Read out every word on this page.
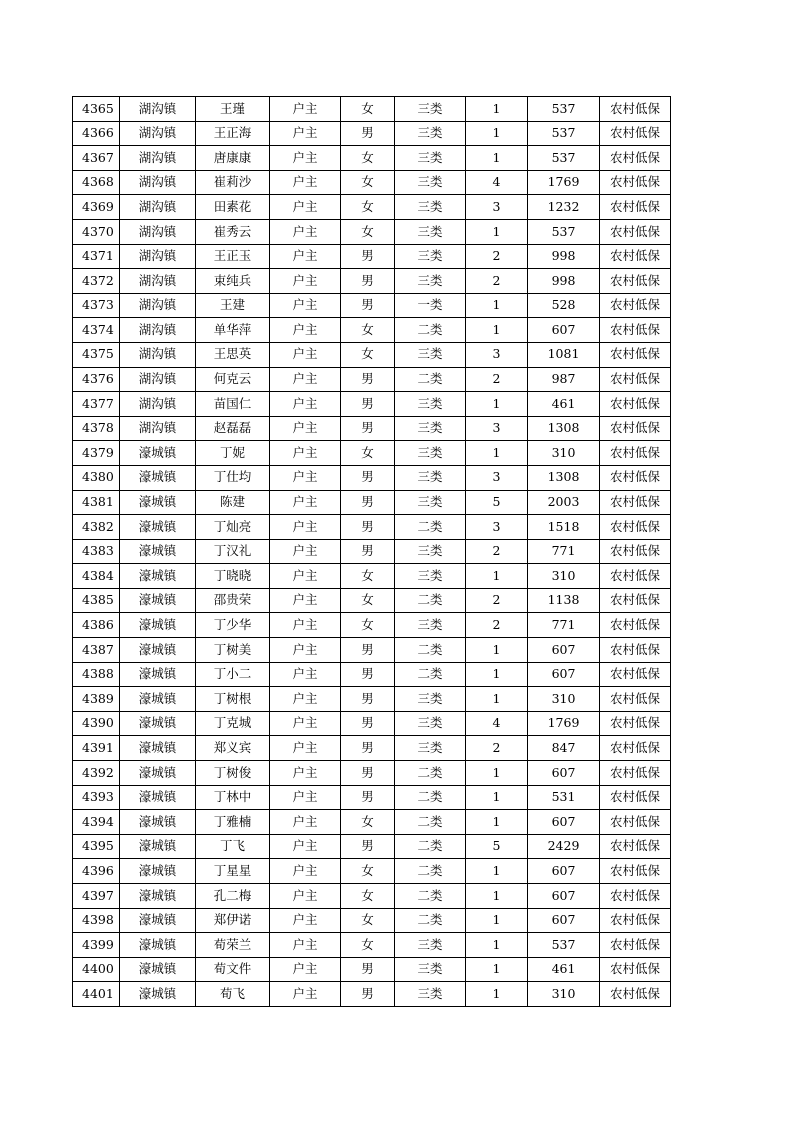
4365	湖沟镇	王瑾	户主	女	三类	1	537	农村低保
4366	湖沟镇	王正海	户主	男	三类	1	537	农村低保
4367	湖沟镇	唐康康	户主	女	三类	1	537	农村低保
4368	湖沟镇	崔莉沙	户主	女	三类	4	1769	农村低保
4369	湖沟镇	田素花	户主	女	三类	3	1232	农村低保
4370	湖沟镇	崔秀云	户主	女	三类	1	537	农村低保
4371	湖沟镇	王正玉	户主	男	三类	2	998	农村低保
4372	湖沟镇	束纯兵	户主	男	三类	2	998	农村低保
4373	湖沟镇	王建	户主	男	一类	1	528	农村低保
4374	湖沟镇	单华萍	户主	女	二类	1	607	农村低保
4375	湖沟镇	王思英	户主	女	三类	3	1081	农村低保
4376	湖沟镇	何克云	户主	男	二类	2	987	农村低保
4377	湖沟镇	苗国仁	户主	男	三类	1	461	农村低保
4378	湖沟镇	赵磊磊	户主	男	三类	3	1308	农村低保
4379	濠城镇	丁妮	户主	女	三类	1	310	农村低保
4380	濠城镇	丁仕均	户主	男	三类	3	1308	农村低保
4381	濠城镇	陈建	户主	男	三类	5	2003	农村低保
4382	濠城镇	丁灿亮	户主	男	二类	3	1518	农村低保
4383	濠城镇	丁汉礼	户主	男	三类	2	771	农村低保
4384	濠城镇	丁晓晓	户主	女	三类	1	310	农村低保
4385	濠城镇	邵贵荣	户主	女	二类	2	1138	农村低保
4386	濠城镇	丁少华	户主	女	三类	2	771	农村低保
4387	濠城镇	丁树美	户主	男	二类	1	607	农村低保
4388	濠城镇	丁小二	户主	男	二类	1	607	农村低保
4389	濠城镇	丁树根	户主	男	三类	1	310	农村低保
4390	濠城镇	丁克城	户主	男	三类	4	1769	农村低保
4391	濠城镇	郑义宾	户主	男	三类	2	847	农村低保
4392	濠城镇	丁树俊	户主	男	二类	1	607	农村低保
4393	濠城镇	丁林中	户主	男	二类	1	531	农村低保
4394	濠城镇	丁雅楠	户主	女	二类	1	607	农村低保
4395	濠城镇	丁飞	户主	男	二类	5	2429	农村低保
4396	濠城镇	丁星星	户主	女	二类	1	607	农村低保
4397	濠城镇	孔二梅	户主	女	二类	1	607	农村低保
4398	濠城镇	郑伊诺	户主	女	二类	1	607	农村低保
4399	濠城镇	荀荣兰	户主	女	三类	1	537	农村低保
4400	濠城镇	荀文件	户主	男	三类	1	461	农村低保
4401	濠城镇	荀飞	户主	男	三类	1	310	农村低保
